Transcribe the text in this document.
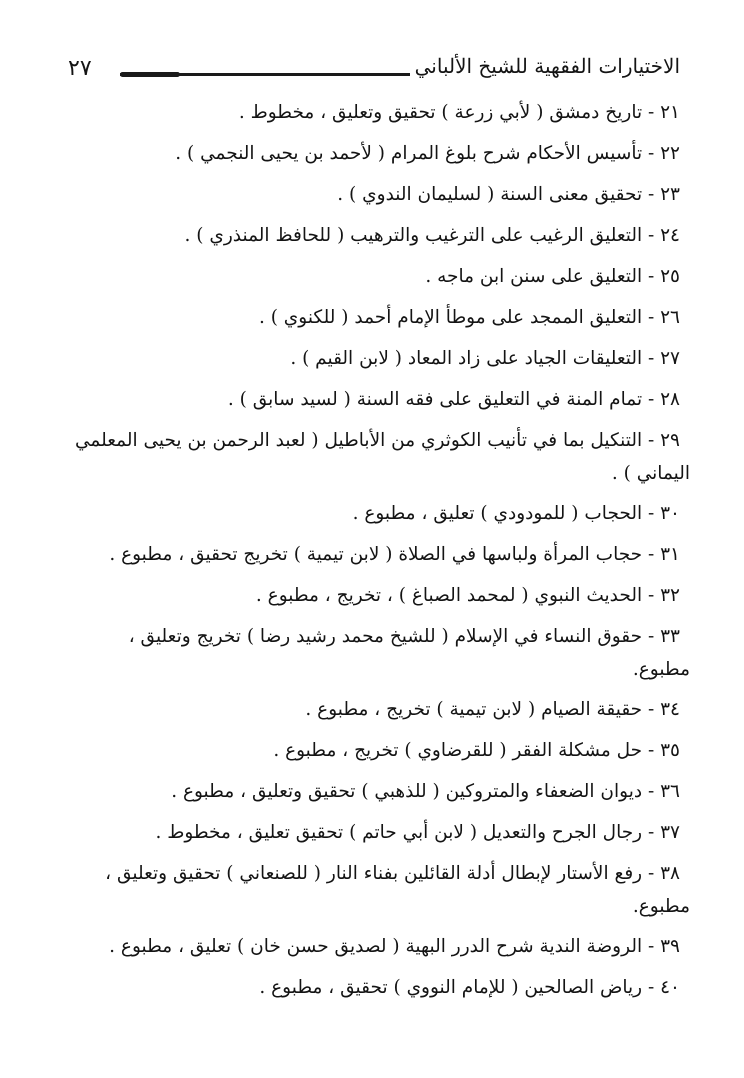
٢٧	الاختيارات الفقهية للشيخ الألباني
٢١ - تاريخ دمشق ( لأبي زرعة ) تحقيق وتعليق ، مخطوط .
٢٢ - تأسيس الأحكام شرح بلوغ المرام ( لأحمد بن يحيى النجمي ) .
٢٣ - تحقيق معنى السنة ( لسليمان الندوي ) .
٢٤ - التعليق الرغيب على الترغيب والترهيب ( للحافظ المنذري ) .
٢٥ - التعليق على سنن ابن ماجه .
٢٦ - التعليق الممجد على موطأ الإمام أحمد ( للكنوي ) .
٢٧ - التعليقات الجياد على زاد المعاد ( لابن القيم ) .
٢٨ - تمام المنة في التعليق على فقه السنة ( لسيد سابق ) .
٢٩ - التنكيل بما في تأنيب الكوثري من الأباطيل ( لعبد الرحمن بن يحيى المعلمي
اليماني ) .
٣٠ - الحجاب ( للمودودي ) تعليق ، مطبوع .
٣١ - حجاب المرأة ولباسها في الصلاة ( لابن تيمية ) تخريج تحقيق ، مطبوع .
٣٢ - الحديث النبوي ( لمحمد الصباغ ) ، تخريج ، مطبوع .
٣٣ - حقوق النساء في الإسلام ( للشيخ محمد رشيد رضا ) تخريج وتعليق ،
مطبوع.
٣٤ - حقيقة الصيام ( لابن تيمية ) تخريج ، مطبوع .
٣٥ - حل مشكلة الفقر ( للقرضاوي ) تخريج ، مطبوع .
٣٦ - ديوان الضعفاء والمتروكين ( للذهبي ) تحقيق وتعليق ، مطبوع .
٣٧ - رجال الجرح والتعديل ( لابن أبي حاتم ) تحقيق تعليق ، مخطوط .
٣٨ - رفع الأستار لإبطال أدلة القائلين بفناء النار ( للصنعاني ) تحقيق وتعليق ،
مطبوع.
٣٩ - الروضة الندية شرح الدرر البهية ( لصديق حسن خان ) تعليق ، مطبوع .
٤٠ - رياض الصالحين ( للإمام النووي ) تحقيق ، مطبوع .
